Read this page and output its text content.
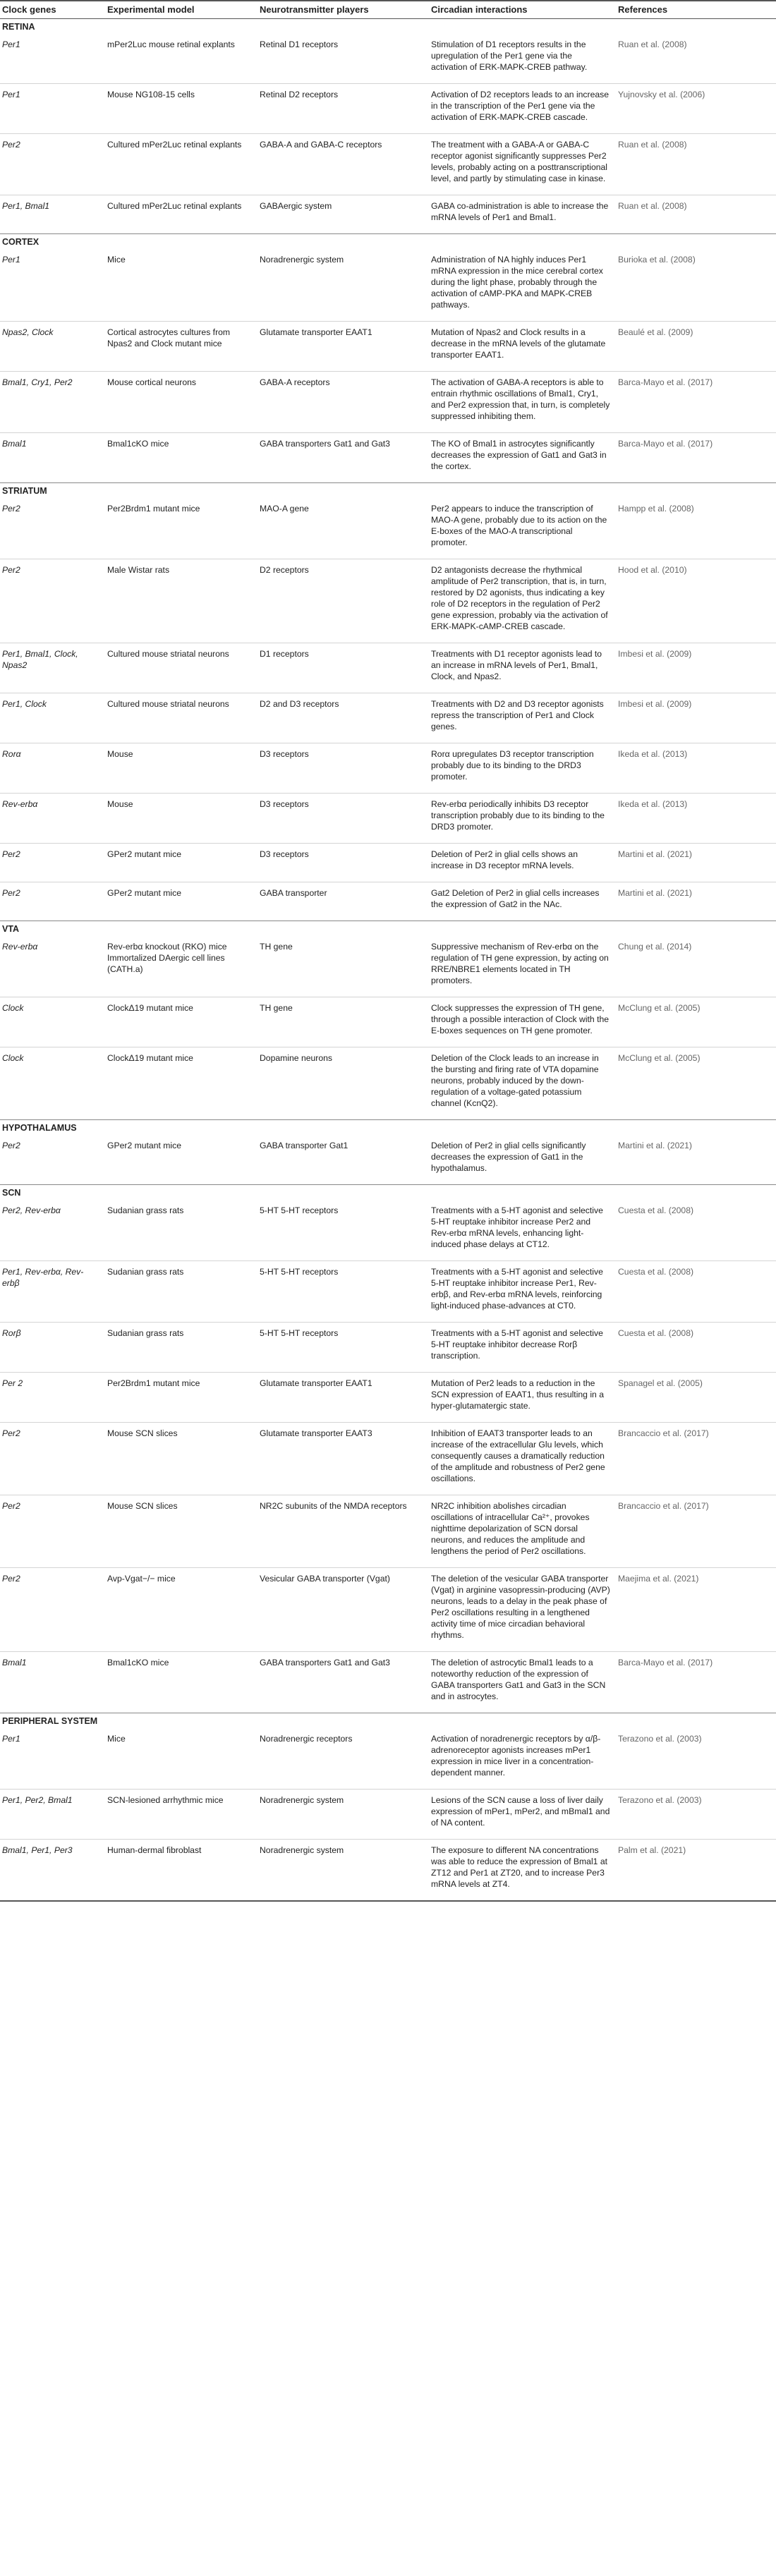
Clock genes	Experimental model	Neurotransmitter players	Circadian interactions	References
RETINA				
Per1	mPer2Luc mouse retinal explants	Retinal D1 receptors	Stimulation of D1 receptors results in the upregulation of the Per1 gene via the activation of ERK-MAPK-CREB pathway.	Ruan et al. (2008)
Per1	Mouse NG108-15 cells	Retinal D2 receptors	Activation of D2 receptors leads to an increase in the transcription of the Per1 gene via the activation of ERK-MAPK-CREB cascade.	Yujnovsky et al. (2006)
Per2	Cultured mPer2Luc retinal explants	GABA-A and GABA-C receptors	The treatment with a GABA-A or GABA-C receptor agonist significantly suppresses Per2 levels, probably acting on a posttranscriptional level, and partly by stimulating case in kinase.	Ruan et al. (2008)
Per1, Bmal1	Cultured mPer2Luc retinal explants	GABAergic system	GABA co-administration is able to increase the mRNA levels of Per1 and Bmal1.	Ruan et al. (2008)
CORTEX				
Per1	Mice	Noradrenergic system	Administration of NA highly induces Per1 mRNA expression in the mice cerebral cortex during the light phase, probably through the activation of cAMP-PKA and MAPK-CREB pathways.	Burioka et al. (2008)
Npas2, Clock	Cortical astrocytes cultures from Npas2 and Clock mutant mice	Glutamate transporter EAAT1	Mutation of Npas2 and Clock results in a decrease in the mRNA levels of the glutamate transporter EAAT1.	Beaulé et al. (2009)
Bmal1, Cry1, Per2	Mouse cortical neurons	GABA-A receptors	The activation of GABA-A receptors is able to entrain rhythmic oscillations of Bmal1, Cry1, and Per2 expression that, in turn, is completely suppressed inhibiting them.	Barca-Mayo et al. (2017)
Bmal1	Bmal1cKO mice	GABA transporters Gat1 and Gat3	The KO of Bmal1 in astrocytes significantly decreases the expression of Gat1 and Gat3 in the cortex.	Barca-Mayo et al. (2017)
STRIATUM				
Per2	Per2Brdm1 mutant mice	MAO-A gene	Per2 appears to induce the transcription of MAO-A gene, probably due to its action on the E-boxes of the MAO-A transcriptional promoter.	Hampp et al. (2008)
Per2	Male Wistar rats	D2 receptors	D2 antagonists decrease the rhythmical amplitude of Per2 transcription, that is, in turn, restored by D2 agonists, thus indicating a key role of D2 receptors in the regulation of Per2 gene expression, probably via the activation of ERK-MAPK-cAMP-CREB cascade.	Hood et al. (2010)
Per1, Bmal1, Clock, Npas2	Cultured mouse striatal neurons	D1 receptors	Treatments with D1 receptor agonists lead to an increase in mRNA levels of Per1, Bmal1, Clock, and Npas2.	Imbesi et al. (2009)
Per1, Clock	Cultured mouse striatal neurons	D2 and D3 receptors	Treatments with D2 and D3 receptor agonists repress the transcription of Per1 and Clock genes.	Imbesi et al. (2009)
Rorα	Mouse	D3 receptors	Rorα upregulates D3 receptor transcription probably due to its binding to the DRD3 promoter.	Ikeda et al. (2013)
Rev-erbα	Mouse	D3 receptors	Rev-erbα periodically inhibits D3 receptor transcription probably due to its binding to the DRD3 promoter.	Ikeda et al. (2013)
Per2	GPer2 mutant mice	D3 receptors	Deletion of Per2 in glial cells shows an increase in D3 receptor mRNA levels.	Martini et al. (2021)
Per2	GPer2 mutant mice	GABA transporter	Gat2 Deletion of Per2 in glial cells increases the expression of Gat2 in the NAc.	Martini et al. (2021)
VTA				
Rev-erbα	Rev-erbα knockout (RKO) mice Immortalized DAergic cell lines (CATH.a)	TH gene	Suppressive mechanism of Rev-erbα on the regulation of TH gene expression, by acting on RRE/NBRE1 elements located in TH promoters.	Chung et al. (2014)
Clock	ClockΔ19 mutant mice	TH gene	Clock suppresses the expression of TH gene, through a possible interaction of Clock with the E-boxes sequences on TH gene promoter.	McClung et al. (2005)
Clock	ClockΔ19 mutant mice	Dopamine neurons	Deletion of the Clock leads to an increase in the bursting and firing rate of VTA dopamine neurons, probably induced by the down-regulation of a voltage-gated potassium channel (KcnQ2).	McClung et al. (2005)
HYPOTHALAMUS				
Per2	GPer2 mutant mice	GABA transporter Gat1	Deletion of Per2 in glial cells significantly decreases the expression of Gat1 in the hypothalamus.	Martini et al. (2021)
SCN				
Per2, Rev-erbα	Sudanian grass rats	5-HT 5-HT receptors	Treatments with a 5-HT agonist and selective 5-HT reuptake inhibitor increase Per2 and Rev-erbα mRNA levels, enhancing light-induced phase delays at CT12.	Cuesta et al. (2008)
Per1, Rev-erbα, Rev-erbβ	Sudanian grass rats	5-HT 5-HT receptors	Treatments with a 5-HT agonist and selective 5-HT reuptake inhibitor increase Per1, Rev-erbβ, and Rev-erbα mRNA levels, reinforcing light-induced phase-advances at CT0.	Cuesta et al. (2008)
Rorβ	Sudanian grass rats	5-HT 5-HT receptors	Treatments with a 5-HT agonist and selective 5-HT reuptake inhibitor decrease Rorβ transcription.	Cuesta et al. (2008)
Per 2	Per2Brdm1 mutant mice	Glutamate transporter EAAT1	Mutation of Per2 leads to a reduction in the SCN expression of EAAT1, thus resulting in a hyper-glutamatergic state.	Spanagel et al. (2005)
Per2	Mouse SCN slices	Glutamate transporter EAAT3	Inhibition of EAAT3 transporter leads to an increase of the extracellular Glu levels, which consequently causes a dramatically reduction of the amplitude and robustness of Per2 gene oscillations.	Brancaccio et al. (2017)
Per2	Mouse SCN slices	NR2C subunits of the NMDA receptors	NR2C inhibition abolishes circadian oscillations of intracellular Ca²⁺, provokes nighttime depolarization of SCN dorsal neurons, and reduces the amplitude and lengthens the period of Per2 oscillations.	Brancaccio et al. (2017)
Per2	Avp-Vgat−/− mice	Vesicular GABA transporter (Vgat)	The deletion of the vesicular GABA transporter (Vgat) in arginine vasopressin-producing (AVP) neurons, leads to a delay in the peak phase of Per2 oscillations resulting in a lengthened activity time of mice circadian behavioral rhythms.	Maejima et al. (2021)
Bmal1	Bmal1cKO mice	GABA transporters Gat1 and Gat3	The deletion of astrocytic Bmal1 leads to a noteworthy reduction of the expression of GABA transporters Gat1 and Gat3 in the SCN and in astrocytes.	Barca-Mayo et al. (2017)
PERIPHERAL SYSTEM				
Per1	Mice	Noradrenergic receptors	Activation of noradrenergic receptors by α/β-adrenoreceptor agonists increases mPer1 expression in mice liver in a concentration-dependent manner.	Terazono et al. (2003)
Per1, Per2, Bmal1	SCN-lesioned arrhythmic mice	Noradrenergic system	Lesions of the SCN cause a loss of liver daily expression of mPer1, mPer2, and mBmal1 and of NA content.	Terazono et al. (2003)
Bmal1, Per1, Per3	Human-dermal fibroblast	Noradrenergic system	The exposure to different NA concentrations was able to reduce the expression of Bmal1 at ZT12 and Per1 at ZT20, and to increase Per3 mRNA levels at ZT4.	Palm et al. (2021)
